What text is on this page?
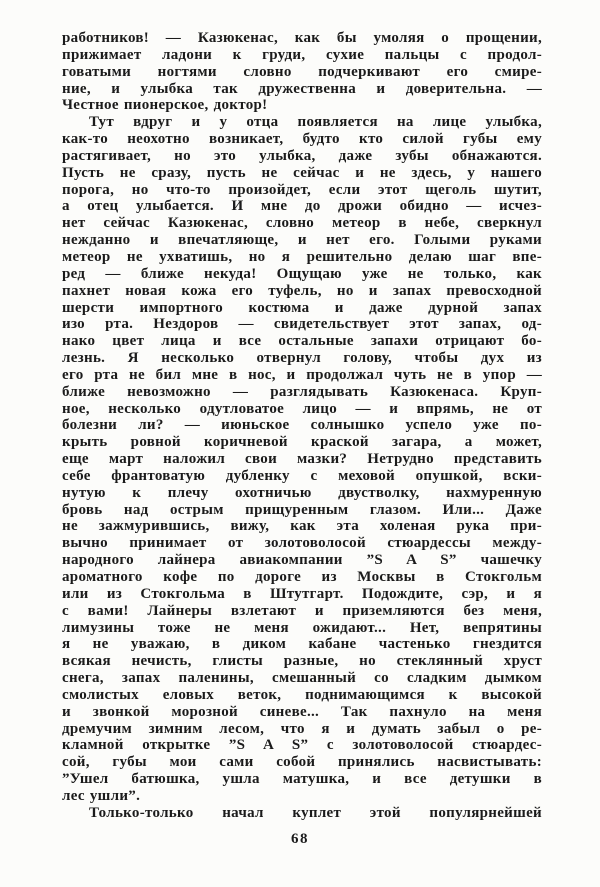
работников! — Казюкенас, как бы умоляя о прощении,
прижимает ладони к груди, сухие пальцы с продол-
говатыми ногтями словно подчеркивают его смире-
ние, и улыбка так дружественна и доверительна. —
Честное пионерское, доктор!
Тут вдруг и у отца появляется на лице улыбка,
как-то неохотно возникает, будто кто силой губы ему
растягивает, но это улыбка, даже зубы обнажаются.
Пусть не сразу, пусть не сейчас и не здесь, у нашего
порога, но что-то произойдет, если этот щеголь шутит,
а отец улыбается. И мне до дрожи обидно — исчез-
нет сейчас Казюкенас, словно метеор в небе, сверкнул
нежданно и впечатляюще, и нет его. Голыми руками
метеор не ухватишь, но я решительно делаю шаг впе-
ред — ближе некуда! Ощущаю уже не только, как
пахнет новая кожа его туфель, но и запах превосходной
шерсти импортного костюма и даже дурной запах
изо рта. Нездоров — свидетельствует этот запах, од-
нако цвет лица и все остальные запахи отрицают бо-
лезнь. Я несколько отвернул голову, чтобы дух из
его рта не бил мне в нос, и продолжал чуть не в упор —
ближе невозможно — разглядывать Казюкенаса. Круп-
ное, несколько одутловатое лицо — и впрямь, не от
болезни ли? — июньское солнышко успело уже по-
крыть ровной коричневой краской загара, а может,
еще март наложил свои мазки? Нетрудно представить
себе франтоватую дубленку с меховой опушкой, вски-
нутую к плечу охотничью двустволку, нахмуренную
бровь над острым прищуренным глазом. Или... Даже
не зажмурившись, вижу, как эта холеная рука при-
вычно принимает от золотоволосой стюардессы между-
народного лайнера авиакомпании ”S A S” чашечку
ароматного кофе по дороге из Москвы в Стокгольм
или из Стокгольма в Штутгарт. Подождите, сэр, и я
с вами! Лайнеры взлетают и приземляются без меня,
лимузины тоже не меня ожидают... Нет, вепрятины
я не уважаю, в диком кабане частенько гнездится
всякая нечисть, глисты разные, но стеклянный хруст
снега, запах паленины, смешанный со сладким дымком
смолистых еловых веток, поднимающимся к высокой
и звонкой морозной синеве... Так пахнуло на меня
дремучим зимним лесом, что я и думать забыл о ре-
кламной открытке ”S A S” с золотоволосой стюардес-
сой, губы мои сами собой принялись насвистывать:
”Ушел батюшка, ушла матушка, и все детушки в
лес ушли”.
Только-только начал куплет этой популярнейшей
68
